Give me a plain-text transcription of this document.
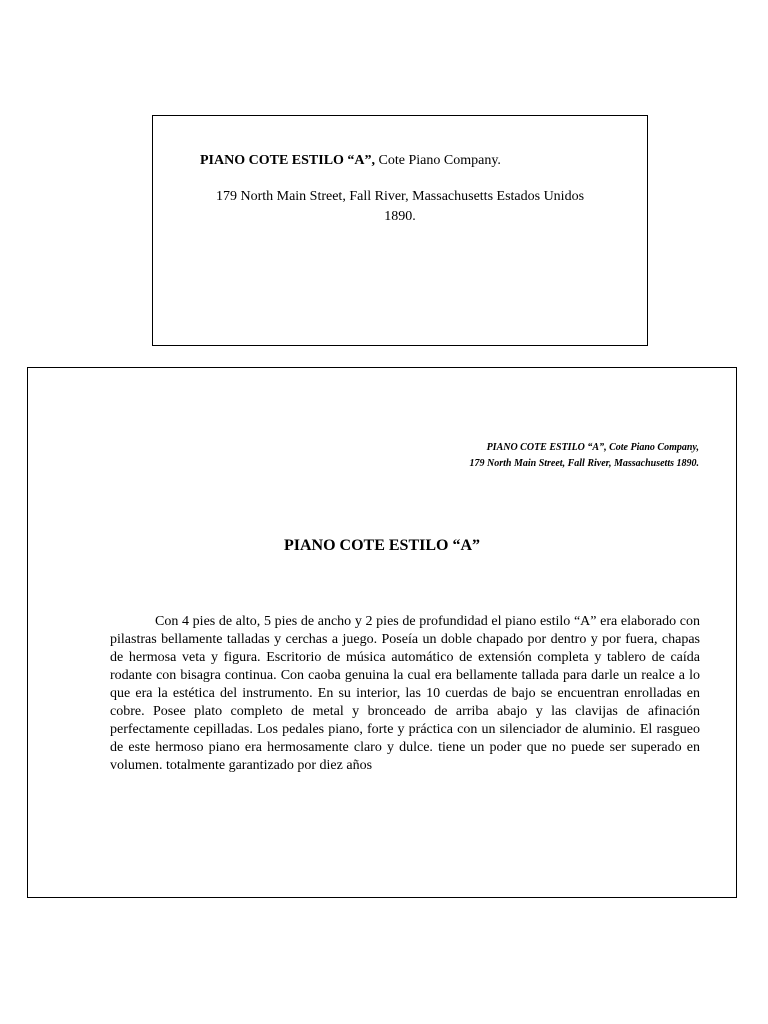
PIANO COTE ESTILO “A”, Cote Piano Company.
179 North Main Street, Fall River, Massachusetts Estados Unidos
1890.
PIANO COTE ESTILO “A”, Cote Piano Company,
179 North Main Street, Fall River, Massachusetts 1890.
PIANO COTE ESTILO “A”
Con 4 pies de alto, 5 pies de ancho y 2 pies de profundidad el piano estilo “A” era elaborado con pilastras bellamente talladas y cerchas a juego. Poseía un doble chapado por dentro y por fuera, chapas de hermosa veta y figura. Escritorio de música automático de extensión completa y tablero de caída rodante con bisagra continua. Con caoba genuina la cual era bellamente tallada para darle un realce a lo que era la estética del instrumento. En su interior, las 10 cuerdas de bajo se encuentran enrolladas en cobre. Posee plato completo de metal y bronceado de arriba abajo y las clavijas de afinación perfectamente cepilladas. Los pedales piano, forte y práctica con un silenciador de aluminio. El rasgueo de este hermoso piano era hermosamente claro y dulce. tiene un poder que no puede ser superado en volumen. totalmente garantizado por diez años
